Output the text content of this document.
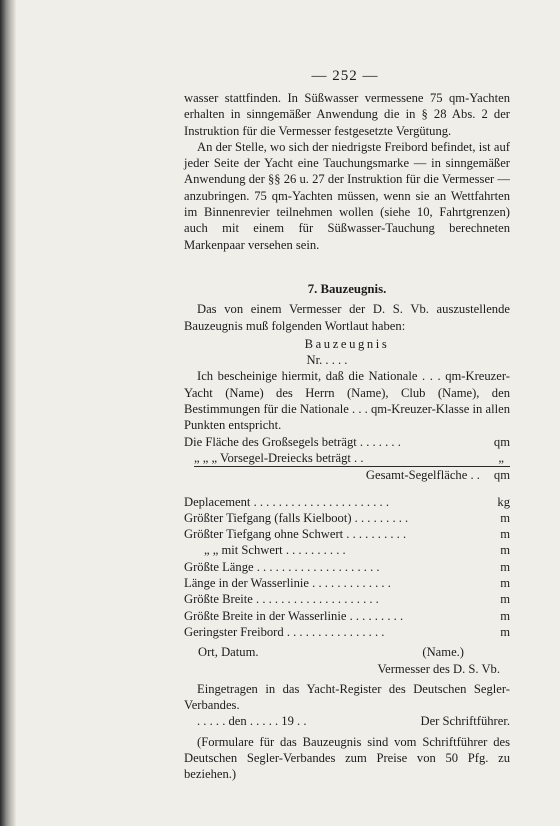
— 252 —

wasser stattfinden. In Süßwasser vermessene 75 qm-Yachten erhalten in sinngemäßer Anwendung die in § 28 Abs. 2 der Instruktion für die Vermesser festgesetzte Vergütung.

An der Stelle, wo sich der niedrigste Freibord befindet, ist auf jeder Seite der Yacht eine Tauchungsmarke — in sinngemäßer Anwendung der §§ 26 u. 27 der Instruktion für die Vermesser — anzubringen. 75 qm-Yachten müssen, wenn sie an Wettfahrten im Binnenrevier teilnehmen wollen (siehe 10, Fahrtgrenzen) auch mit einem für Süßwasser-Tauchung berechneten Markenpaar versehen sein.

7. Bauzeugnis.

Das von einem Vermesser der D. S. Vb. auszustellende Bauzeugnis muß folgenden Wortlaut haben:

Bauzeugnis
Nr. . . . .

Ich bescheinige hiermit, daß die Nationale . . . qm-Kreuzer-Yacht (Name) des Herrn (Name), Club (Name), den Bestimmungen für die Nationale . . . qm-Kreuzer-Klasse in allen Punkten entspricht.

Die Fläche des Großsegels beträgt . . . . . . .	qm
„ „ „ Vorsegel-Dreiecks beträgt . .	„
Gesamt-Segelfläche . .	qm
Deplacement . . . . . . . . . . . . . . . . . . . . . .	kg
Größter Tiefgang (falls Kielboot) . . . . . . . . .	m
Größter Tiefgang ohne Schwert . . . . . . . . . .	m
„ „ mit Schwert . . . . . . . . . .	m
Größte Länge . . . . . . . . . . . . . . . . . . . .	m
Länge in der Wasserlinie . . . . . . . . . . . . .	m
Größte Breite . . . . . . . . . . . . . . . . . . . .	m
Größte Breite in der Wasserlinie . . . . . . . . .	m
Geringster Freibord . . . . . . . . . . . . . . . .	m
Ort, Datum.	(Name.)
Vermesser des D. S. Vb.

Eingetragen in das Yacht-Register des Deutschen Segler-Verbandes.

. . . . . den . . . . . 19 . .	Der Schriftführer.

(Formulare für das Bauzeugnis sind vom Schriftführer des Deutschen Segler-Verbandes zum Preise von 50 Pfg. zu beziehen.)
